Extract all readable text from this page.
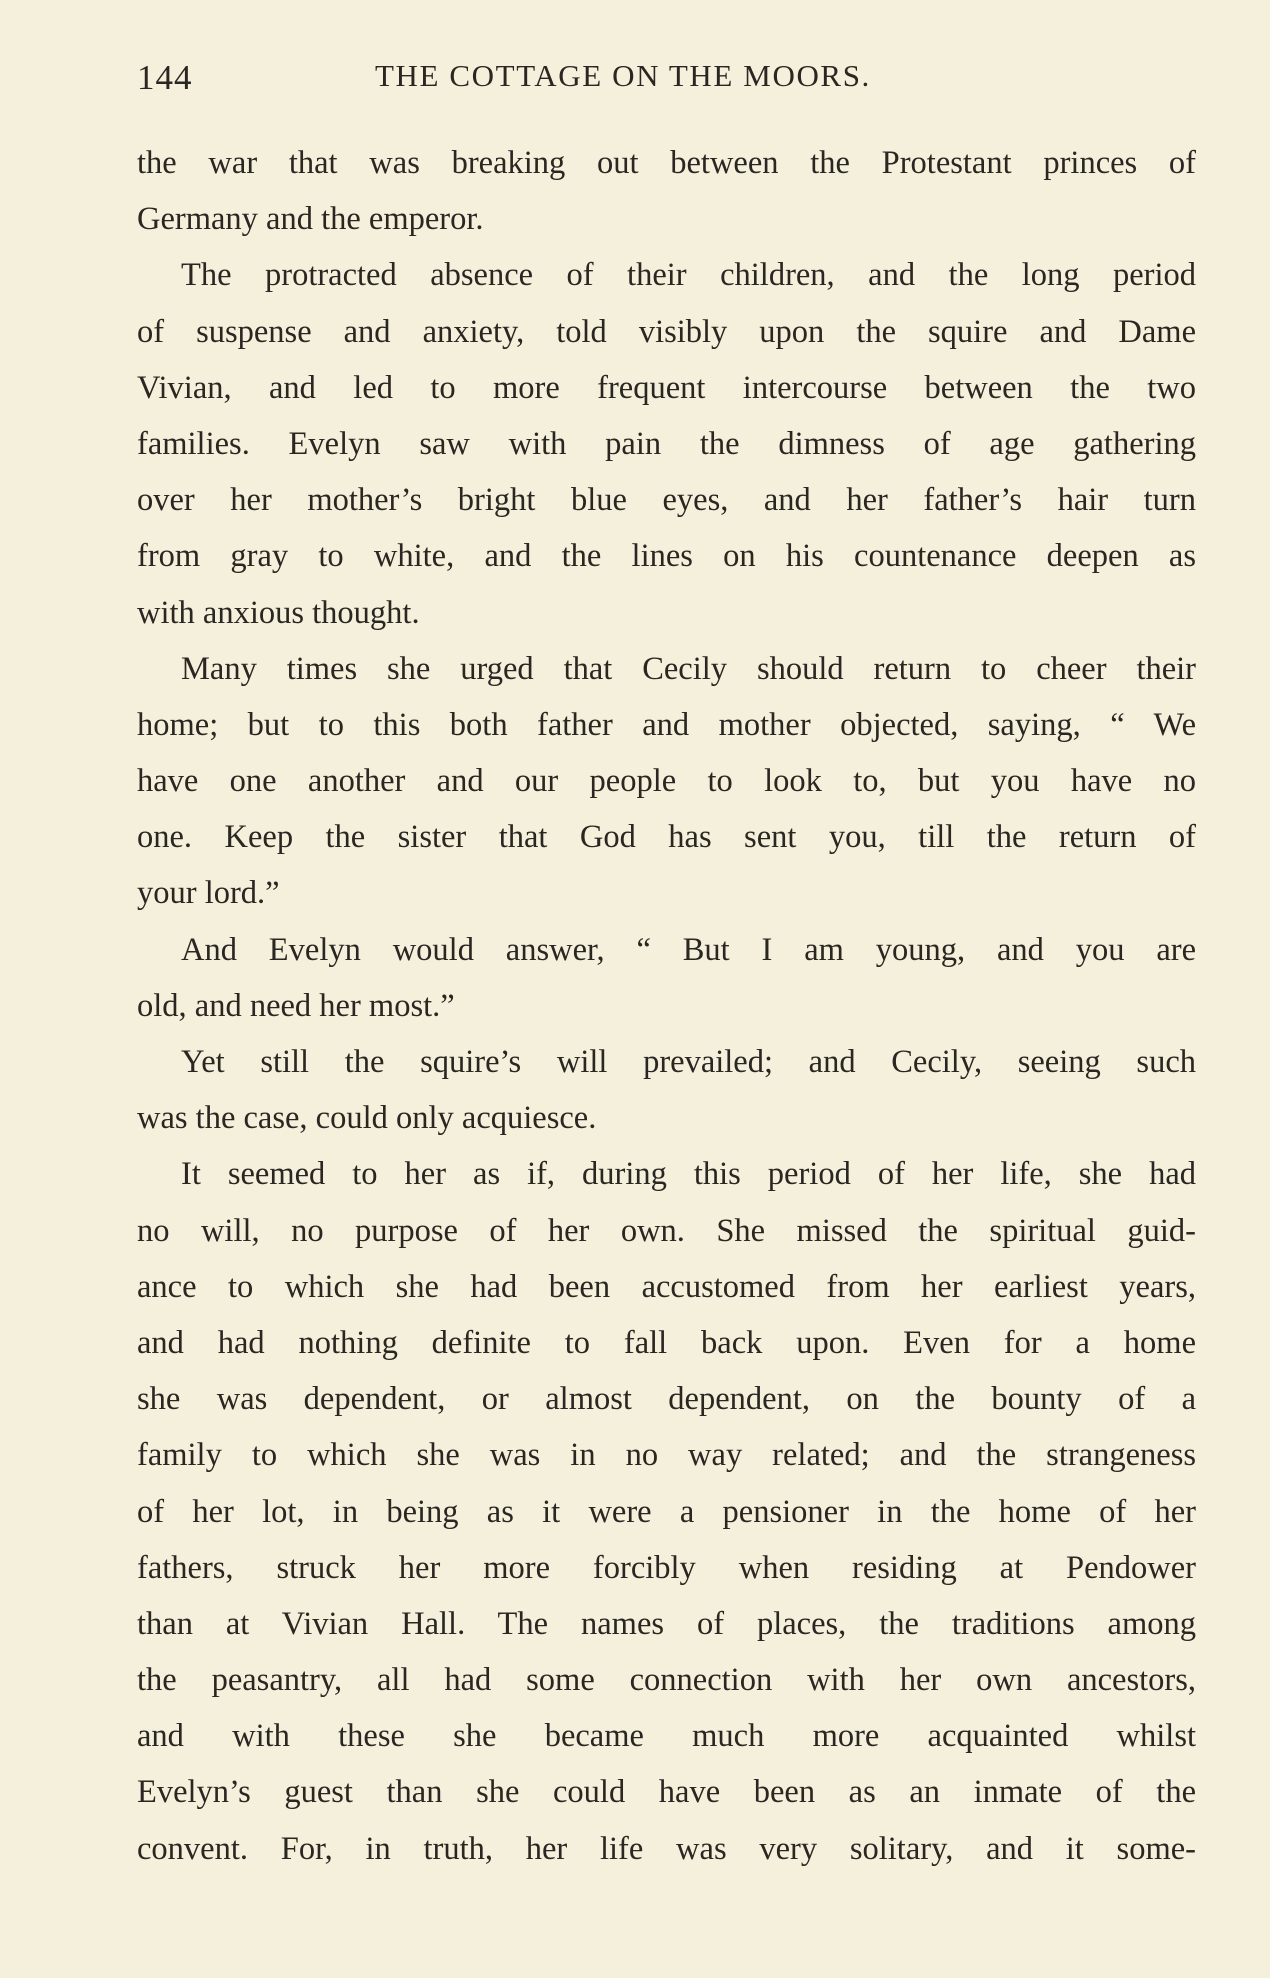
144	THE COTTAGE ON THE MOORS.
the war that was breaking out between the Protestant princes of
Germany and the emperor.
The protracted absence of their children, and the long period
of suspense and anxiety, told visibly upon the squire and Dame
Vivian, and led to more frequent intercourse between the two
families. Evelyn saw with pain the dimness of age gathering
over her mother’s bright blue eyes, and her father’s hair turn
from gray to white, and the lines on his countenance deepen as
with anxious thought.
Many times she urged that Cecily should return to cheer their
home; but to this both father and mother objected, saying, “ We
have one another and our people to look to, but you have no
one. Keep the sister that God has sent you, till the return of
your lord.”
And Evelyn would answer, “ But I am young, and you are
old, and need her most.”
Yet still the squire’s will prevailed; and Cecily, seeing such
was the case, could only acquiesce.
It seemed to her as if, during this period of her life, she had
no will, no purpose of her own. She missed the spiritual guid-
ance to which she had been accustomed from her earliest years,
and had nothing definite to fall back upon. Even for a home
she was dependent, or almost dependent, on the bounty of a
family to which she was in no way related; and the strangeness
of her lot, in being as it were a pensioner in the home of her
fathers, struck her more forcibly when residing at Pendower
than at Vivian Hall. The names of places, the traditions among
the peasantry, all had some connection with her own ancestors,
and with these she became much more acquainted whilst
Evelyn’s guest than she could have been as an inmate of the
convent. For, in truth, her life was very solitary, and it some-
